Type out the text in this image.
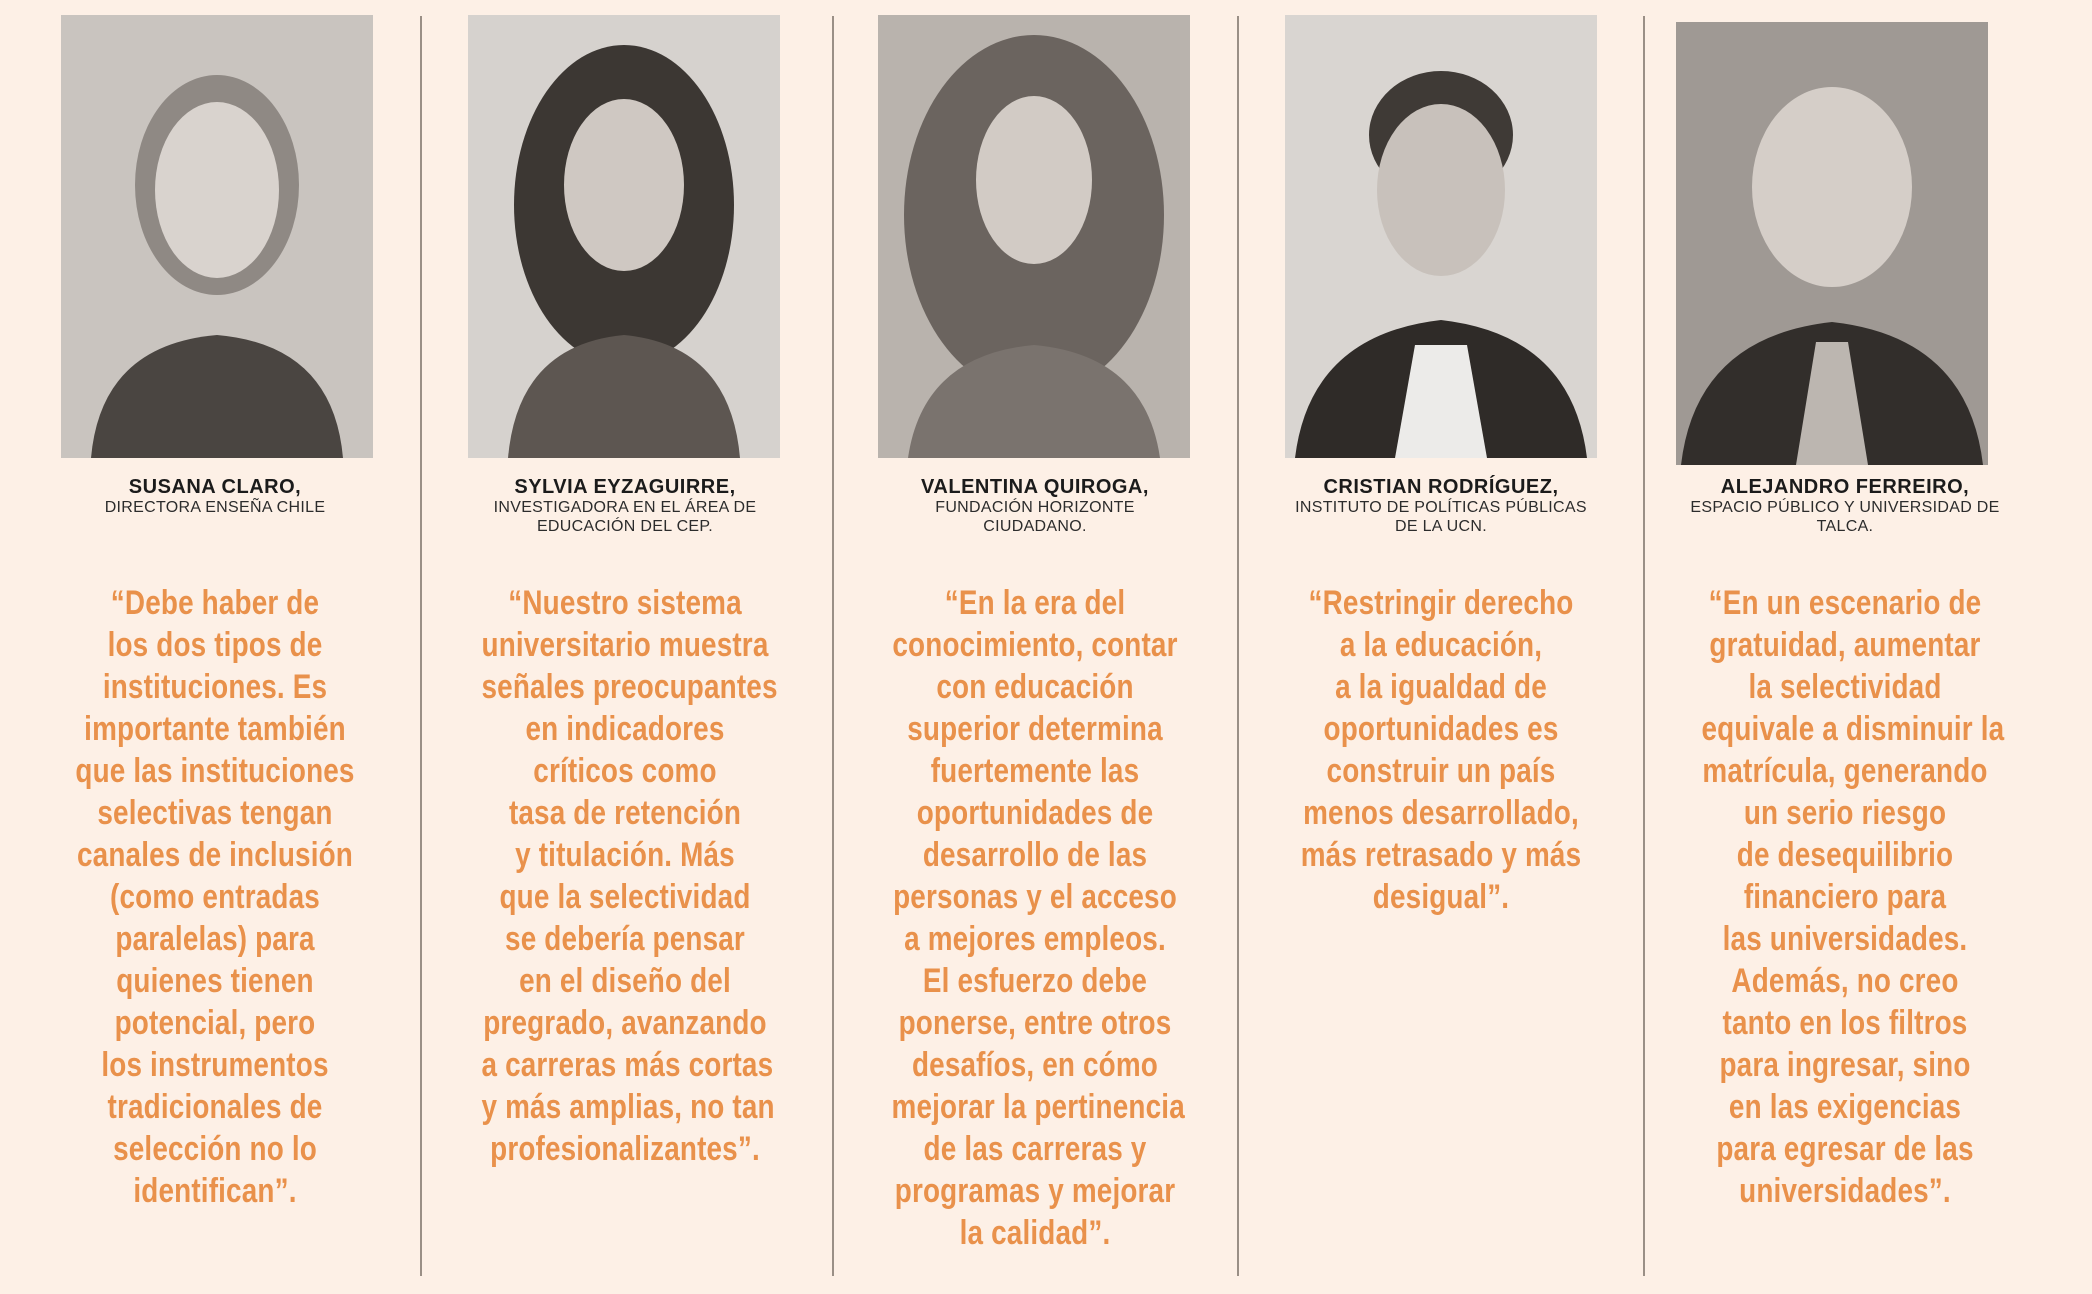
SUSANA CLARO,
DIRECTORA ENSEÑA CHILE
“Debe haber de
los dos tipos de
instituciones. Es
importante también
que las instituciones
selectivas tengan
canales de inclusión
(como entradas
paralelas) para
quienes tienen
potencial, pero
los instrumentos
tradicionales de
selección no lo
identifican”.
SYLVIA EYZAGUIRRE,
INVESTIGADORA EN EL ÁREA DE
EDUCACIÓN DEL CEP.
“Nuestro sistema
universitario muestra
señales preocupantes
en indicadores
críticos como
tasa de retención
y titulación. Más
que la selectividad
se debería pensar
en el diseño del
pregrado, avanzando
a carreras más cortas
y más amplias, no tan
profesionalizantes”.
VALENTINA QUIROGA,
FUNDACIÓN HORIZONTE
CIUDADANO.
“En la era del
conocimiento, contar
con educación
superior determina
fuertemente las
oportunidades de
desarrollo de las
personas y el acceso
a mejores empleos.
El esfuerzo debe
ponerse, entre otros
desafíos, en cómo
mejorar la pertinencia
de las carreras y
programas y mejorar
la calidad”.
CRISTIAN RODRÍGUEZ,
INSTITUTO DE POLÍTICAS PÚBLICAS
DE LA UCN.
“Restringir derecho
a la educación,
a la igualdad de
oportunidades es
construir un país
menos desarrollado,
más retrasado y más
desigual”.
ALEJANDRO FERREIRO,
ESPACIO PÚBLICO Y UNIVERSIDAD DE
TALCA.
“En un escenario de
gratuidad, aumentar
la selectividad
equivale a disminuir la
matrícula, generando
un serio riesgo
de desequilibrio
financiero para
las universidades.
Además, no creo
tanto en los filtros
para ingresar, sino
en las exigencias
para egresar de las
universidades”.
